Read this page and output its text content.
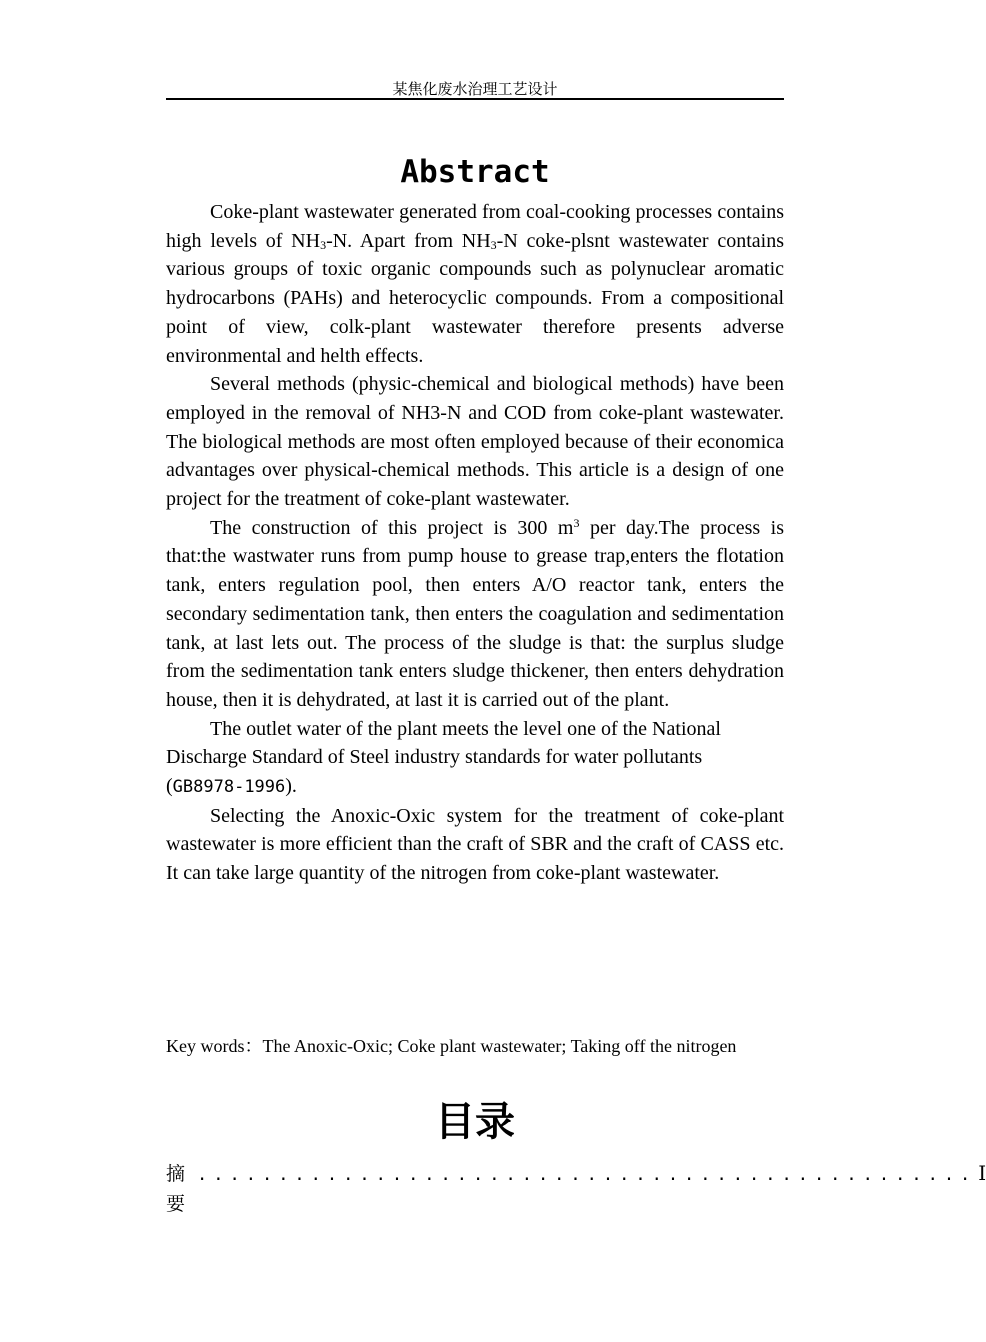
某焦化废水治理工艺设计
Abstract

Coke-plant wastewater generated from coal-cooking processes contains high levels of $NH_3-N$. Apart from $NH_3-N$ coke-plsnt wastewater contains various groups of toxic organic compounds such as polynuclear aromatic hydrocarbons (PAHs) and heterocyclic compounds. From a compositional point of view, colk-plant wastewater therefore presents adverse environmental and helth effects.

Several methods (physic-chemical and biological methods) have been employed in the removal of NH3-N and COD from coke-plant wastewater. The biological methods are most often employed because of their economica advantages over physical-chemical methods. This article is a design of one project for the treatment of coke-plant wastewater.

The construction of this project is 300 $m^3$ per day.The process is that:the wastwater runs from pump house to grease trap,enters the flotation tank, enters regulation pool, then enters A/O reactor tank, enters the secondary sedimentation tank, then enters the coagulation and sedimentation tank, at last lets out. The process of the sludge is that: the surplus sludge from the sedimentation tank enters sludge thickener, then enters dehydration house, then it is dehydrated, at last it is carried out of the plant.

The outlet water of the plant meets the level one of the National Discharge Standard of Steel industry standards for water pollutants (GB8978-1996).

Selecting the Anoxic-Oxic system for the treatment of coke-plant wastewater is more efficient than the craft of SBR and the craft of CASS etc. It can take large quantity of the nitrogen from coke-plant wastewater.

Key words：The Anoxic-Oxic; Coke plant wastewater; Taking off the nitrogen
目录
摘要
................................................ I
